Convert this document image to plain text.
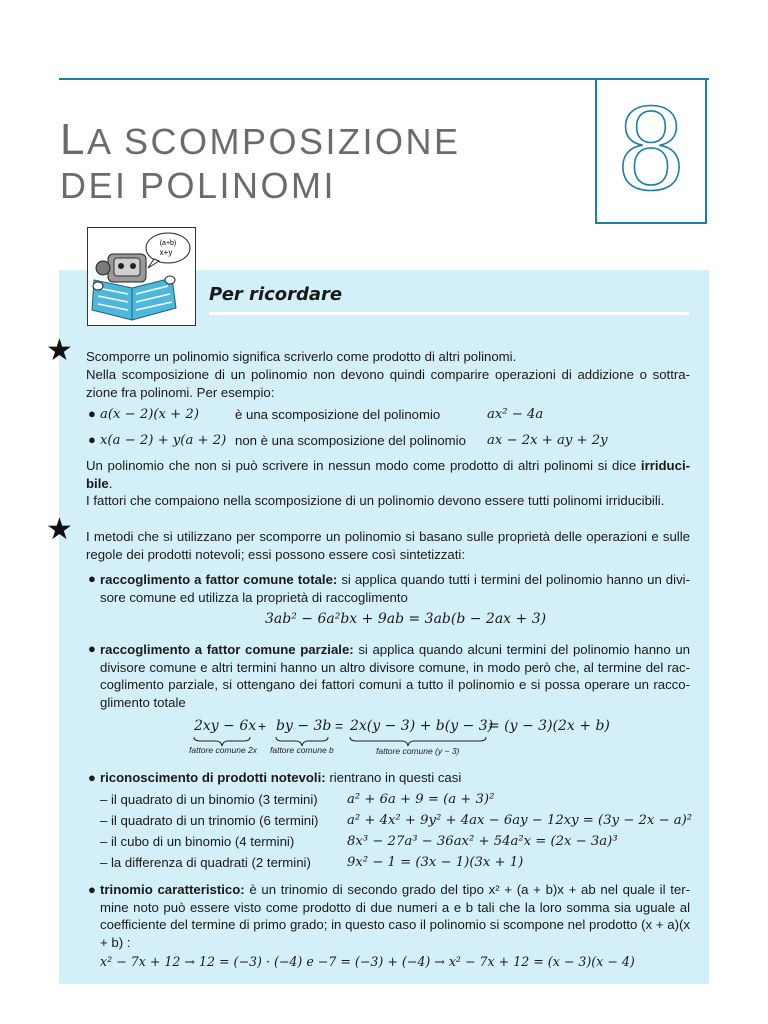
8
LA SCOMPOSIZIONE
DEI POLINOMI
(a+b)
x+y
Per ricordare
★ Scomporre un polinomio significa scriverlo come prodotto di altri polinomi.

Nella scomposizione di un polinomio non devono quindi comparire operazioni di addizione o sottra-zione fra polinomi. Per esempio:

● a(x − 2)(x + 2)	è una scomposizione del polinomio	ax² − 4a
● x(a − 2) + y(a + 2) non è una scomposizione del polinomio ax − 2x + ay + 2y

Un polinomio che non si può scrivere in nessun modo come prodotto di altri polinomi si dice irriduci-bile.

I fattori che compaiono nella scomposizione di un polinomio devono essere tutti polinomi irriducibili.

★ I metodi che si utilizzano per scomporre un polinomio si basano sulle proprietà delle operazioni e sulle regole dei prodotti notevoli; essi possono essere così sintetizzati:

● raccoglimento a fattor comune totale: si applica quando tutti i termini del polinomio hanno un divi-sore comune ed utilizza la proprietà di raccoglimento

3ab² − 6a²bx + 9ab = 3ab(b − 2ax + 3)
● raccoglimento a fattor comune parziale: si applica quando alcuni termini del polinomio hanno un divisore comune e altri termini hanno un altro divisore comune, in modo però che, al termine del rac-coglimento parziale, si ottengano dei fattori comuni a tutto il polinomio e si possa operare un racco-glimento totale

2xy − 6x + by − 3b = 2x(y − 3) + b(y − 3)
= (y − 3)(2x + b)
fattore comune 2x fattore comune b	fattore comune (y − 3)
● riconoscimento di prodotti notevoli: rientrano in questi casi

– il quadrato di un binomio (3 termini) a² + 6a + 9 = (a + 3)²
– il quadrato di un trinomio (6 termini) a² + 4x² + 9y² + 4ax − 6ay − 12xy = (3y − 2x − a)²
– il cubo di un binomio (4 termini)	8x³ − 27a³ − 36ax² + 54a²x = (2x − 3a)³
– la differenza di quadrati (2 termini)	9x² − 1 = (3x − 1)(3x + 1)
● trinomio caratteristico: è un trinomio di secondo grado del tipo x² + (a + b)x + ab nel quale il ter-mine noto può essere visto come prodotto di due numeri a e b tali che la loro somma sia uguale al coefficiente del termine di primo grado; in questo caso il polinomio si scompone nel prodotto (x + a)(x + b) :

x² − 7x + 12 → 12 = (−3) · (−4) e −7 = (−3) + (−4) → x² − 7x + 12 = (x − 3)(x − 4)
